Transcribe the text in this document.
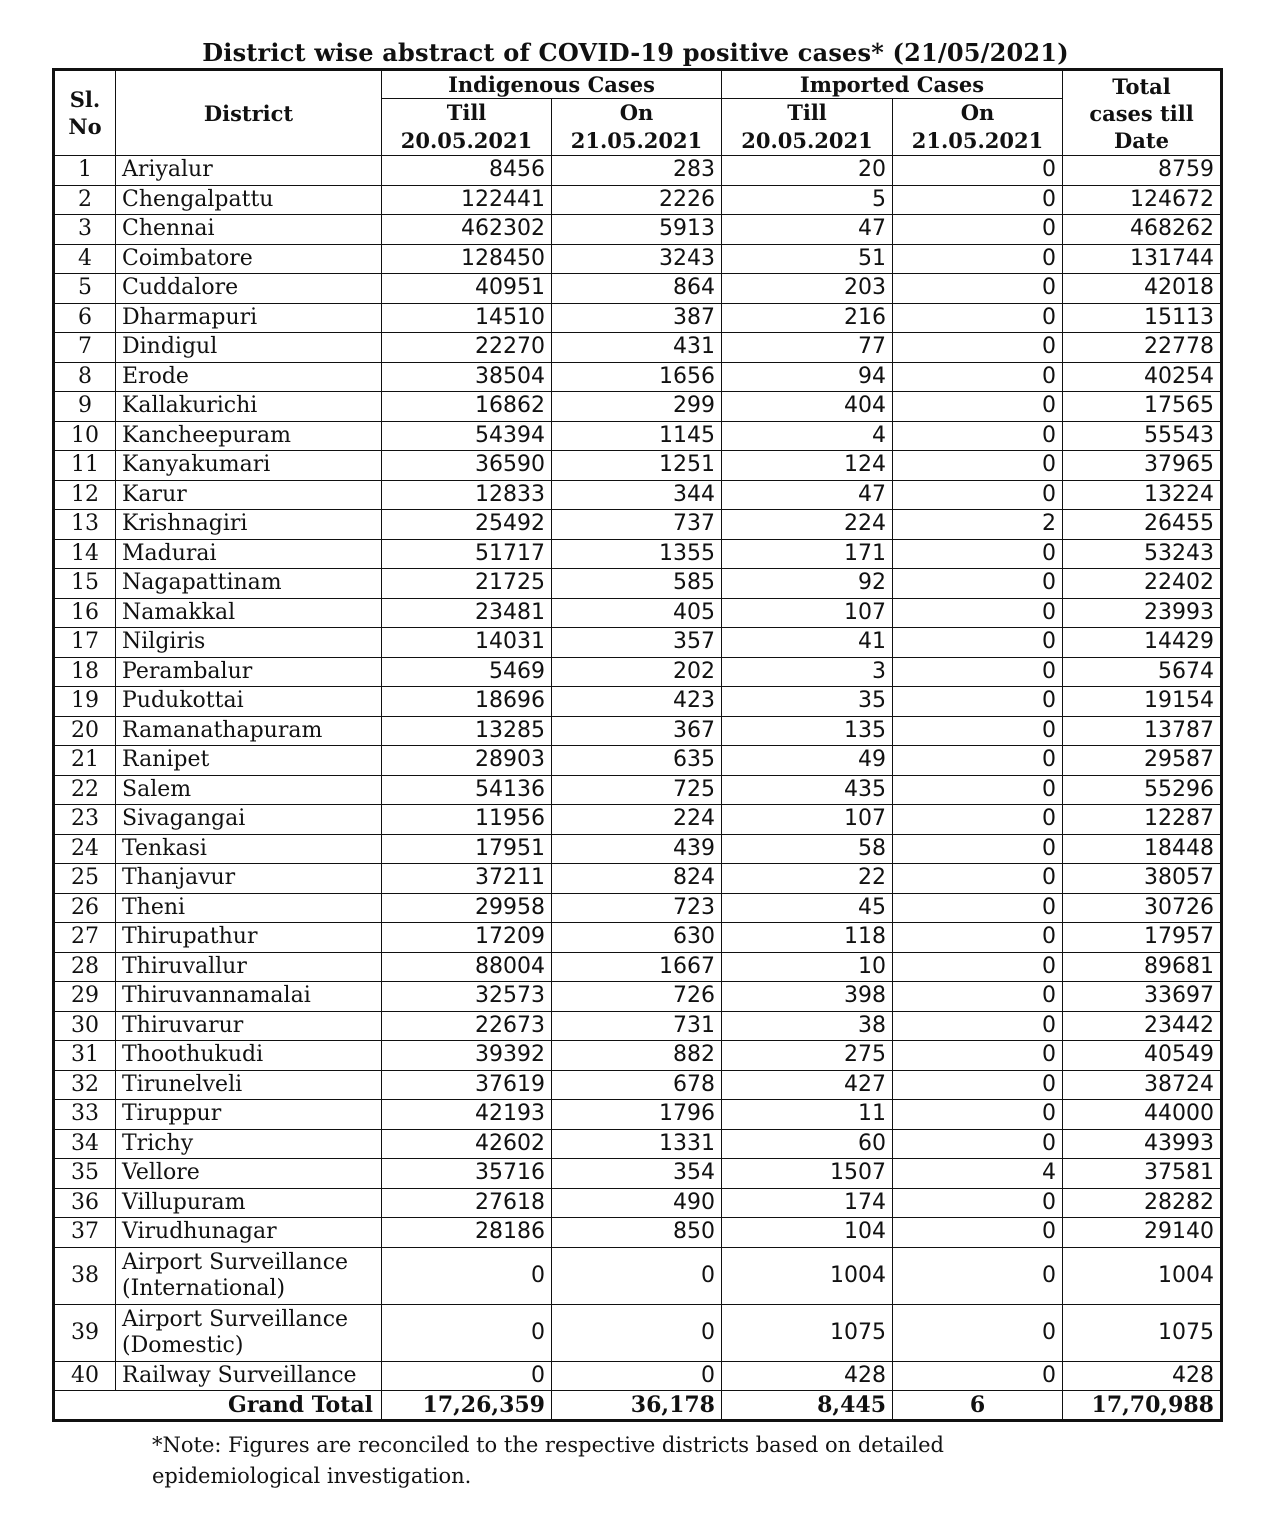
District wise abstract of COVID-19 positive cases* (21/05/2021)
Sl. No	District	Indigenous Cases		Imported Cases		Total cases till Date
		Till	On	Till	On	
		20.05.2021	21.05.2021	20.05.2021	21.05.2021	
1	Ariyalur	8456	283	20	0	8759
2	Chengalpattu	122441	2226	5	0	124672
3	Chennai	462302	5913	47	0	468262
4	Coimbatore	128450	3243	51	0	131744
5	Cuddalore	40951	864	203	0	42018
6	Dharmapuri	14510	387	216	0	15113
7	Dindigul	22270	431	77	0	22778
8	Erode	38504	1656	94	0	40254
9	Kallakurichi	16862	299	404	0	17565
10	Kancheepuram	54394	1145	4	0	55543
11	Kanyakumari	36590	1251	124	0	37965
12	Karur	12833	344	47	0	13224
13	Krishnagiri	25492	737	224	2	26455
14	Madurai	51717	1355	171	0	53243
15	Nagapattinam	21725	585	92	0	22402
16	Namakkal	23481	405	107	0	23993
17	Nilgiris	14031	357	41	0	14429
18	Perambalur	5469	202	3	0	5674
19	Pudukottai	18696	423	35	0	19154
20	Ramanathapuram	13285	367	135	0	13787
21	Ranipet	28903	635	49	0	29587
22	Salem	54136	725	435	0	55296
23	Sivagangai	11956	224	107	0	12287
24	Tenkasi	17951	439	58	0	18448
25	Thanjavur	37211	824	22	0	38057
26	Theni	29958	723	45	0	30726
27	Thirupathur	17209	630	118	0	17957
28	Thiruvallur	88004	1667	10	0	89681
29	Thiruvannamalai	32573	726	398	0	33697
30	Thiruvarur	22673	731	38	0	23442
31	Thoothukudi	39392	882	275	0	40549
32	Tirunelveli	37619	678	427	0	38724
33	Tiruppur	42193	1796	11	0	44000
34	Trichy	42602	1331	60	0	43993
35	Vellore	35716	354	1507	4	37581
36	Villupuram	27618	490	174	0	28282
37	Virudhunagar	28186	850	104	0	29140
38	Airport Surveillance (International)	0	0	1004	0	1004
39	Airport Surveillance (Domestic)	0	0	1075	0	1075
40	Railway Surveillance	0	0	428	0	428
Grand Total		17,26,359	36,178	8,445	6	17,70,988
*Note: Figures are reconciled to the respective districts based on detailed epidemiological investigation.
